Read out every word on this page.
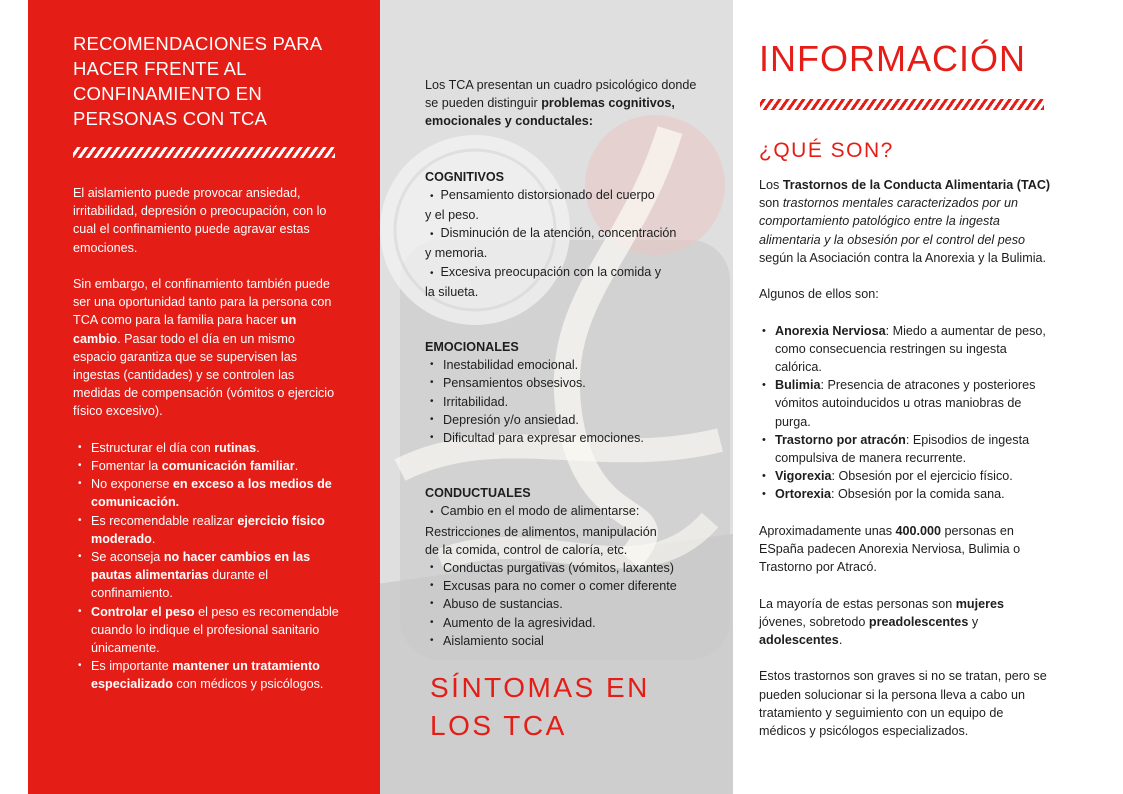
RECOMENDACIONES PARA HACER FRENTE AL CONFINAMIENTO EN PERSONAS CON TCA

El aislamiento puede provocar ansiedad, irritabilidad, depresión o preocupación, con lo cual el confinamiento puede agravar estas emociones.

Sin embargo, el confinamiento también puede ser una oportunidad tanto para la persona con TCA como para la familia para hacer un cambio. Pasar todo el día en un mismo espacio garantiza que se supervisen las ingestas (cantidades) y se controlen las medidas de compensación (vómitos o ejercicio físico excesivo).

• Estructurar el día con rutinas.
• Fomentar la comunicación familiar.
• No exponerse en exceso a los medios de comunicación.
• Es recomendable realizar ejercicio físico moderado.
• Se aconseja no hacer cambios en las pautas alimentarias durante el confinamiento.
• Controlar el peso el peso es recomendable cuando lo indique el profesional sanitario únicamente.
• Es importante mantener un tratamiento especializado con médicos y psicólogos.
Los TCA presentan un cuadro psicológico donde se pueden distinguir problemas cognitivos, emocionales y conductales:
COGNITIVOS
• Pensamiento distorsionado del cuerpo
y el peso.
• Disminución de la atención, concentración
y memoria.
• Excesiva preocupación con la comida y
la silueta.
EMOCIONALES
• Inestabilidad emocional.
• Pensamientos obsesivos.
• Irritabilidad.
• Depresión y/o ansiedad.
• Dificultad para expresar emociones.
CONDUCTUALES
• Cambio en el modo de alimentarse:
Restricciones de alimentos, manipulación
de la comida, control de caloría, etc.
• Conductas purgativas (vómitos, laxantes)
• Excusas para no comer o comer diferente
• Abuso de sustancias.
• Aumento de la agresividad.
• Aislamiento social
SÍNTOMAS EN
LOS TCA
INFORMACIÓN
¿QUÉ SON?

Los Trastornos de la Conducta Alimentaria (TAC) son trastornos mentales caracterizados por un comportamiento patológico entre la ingesta alimentaria y la obsesión por el control del peso según la Asociación contra la Anorexia y la Bulimia.

Algunos de ellos son:

• Anorexia Nerviosa: Miedo a aumentar de peso, como consecuencia restringen su ingesta calórica.
• Bulimia: Presencia de atracones y posteriores vómitos autoinducidos u otras maniobras de purga.
• Trastorno por atracón: Episodios de ingesta compulsiva de manera recurrente.
• Vigorexia: Obsesión por el ejercicio físico.
• Ortorexia: Obsesión por la comida sana.

Aproximadamente unas 400.000 personas en ESpaña padecen Anorexia Nerviosa, Bulimia o Trastorno por Atracó.

La mayoría de estas personas son mujeres jóvenes, sobretodo preadolescentes y adolescentes.

Estos trastornos son graves si no se tratan, pero se pueden solucionar si la persona lleva a cabo un tratamiento y seguimiento con un equipo de médicos y psicólogos especializados.
